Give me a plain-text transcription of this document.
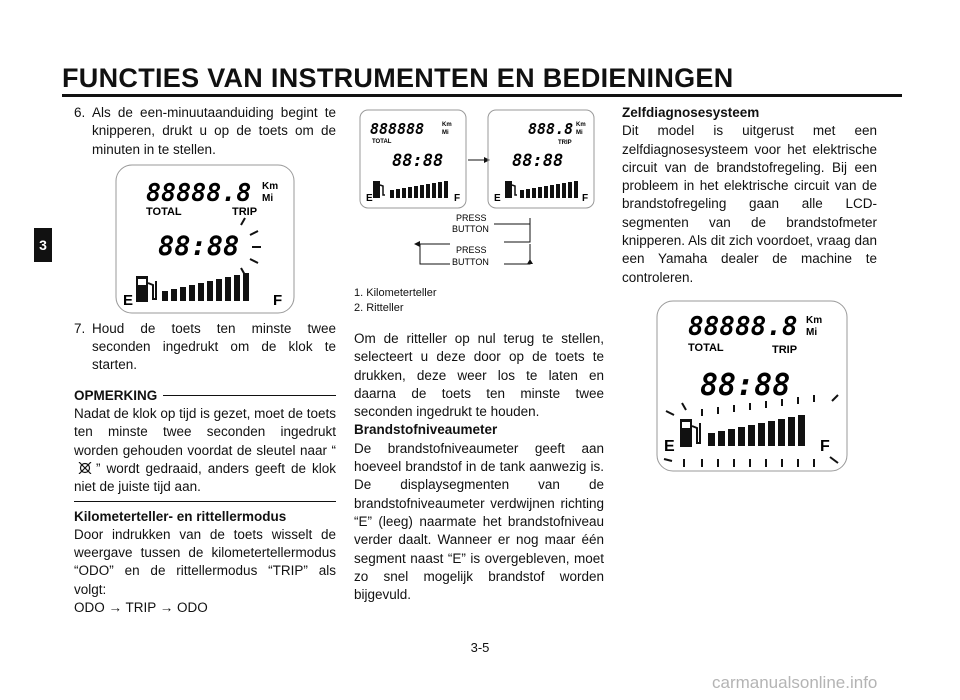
FUNCTIES VAN INSTRUMENTEN EN BEDIENINGEN
3
6. Als de een-minuutaanduiding begint te knipperen, drukt u op de toets om de minuten in te stellen.
88888.8 Km
Mi
TOTAL	TRIP
88:88
E	F
7. Houd de toets ten minste twee seconden ingedrukt om de klok te starten.
OPMERKING
Nadat de klok op tijd is gezet, moet de toets ten minste twee seconden ingedrukt worden gehouden voordat de sleutel naar “” wordt gedraaid, anders geeft de klok niet de juiste tijd aan.
Kilometerteller- en rittellermodus
Door indrukken van de toets wisselt de weergave tussen de kilometertellermodus “ODO” en de rittellermodus “TRIP” als volgt:
ODO → TRIP → ODO
888888	Km
Mi
TOTAL
88:88
E	F
888.8 Km
Mi
TRIP
88:88
E	F
PRESS
BUTTON
PRESS
BUTTON
1. Kilometerteller
2. Ritteller
Om de ritteller op nul terug te stellen, selecteert u deze door op de toets te drukken, deze weer los te laten en daarna de toets ten minste twee seconden ingedrukt te houden.
Brandstofniveaumeter
De brandstofniveaumeter geeft aan hoeveel brandstof in de tank aanwezig is. De displaysegmenten van de brandstofniveaumeter verdwijnen richting “E” (leeg) naarmate het brandstofniveau verder daalt. Wanneer er nog maar één segment naast “E” is overgebleven, moet zo snel mogelijk brandstof worden bijgevuld.
Zelfdiagnosesysteem
Dit model is uitgerust met een zelfdiagnosesysteem voor het elektrische circuit van de brandstofregeling. Bij een probleem in het elektrische circuit van de brandstofregeling gaan alle LCD-segmenten van de brandstofmeter knipperen. Als dit zich voordoet, vraag dan een Yamaha dealer de machine te controleren.
88888.8 Km
Mi
TOTAL	TRIP
88:88
E	F
3-5
carmanualsonline.info
